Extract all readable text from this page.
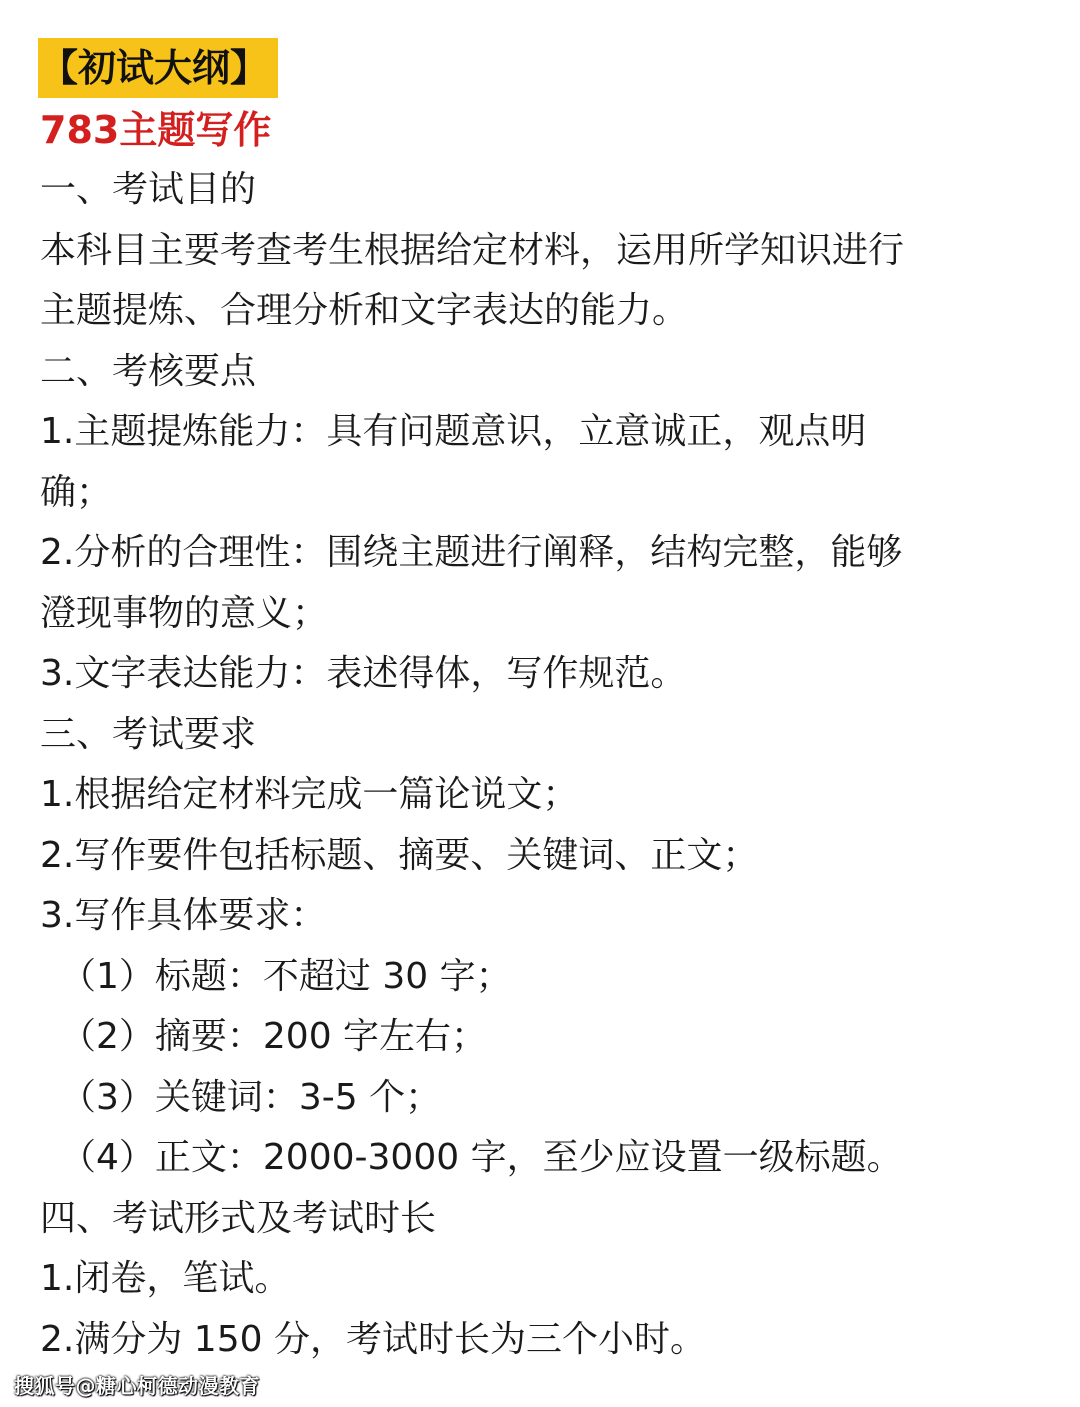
【初试大纲】
783主题写作
一、考试目的
本科目主要考查考生根据给定材料，运用所学知识进行
主题提炼、合理分析和文字表达的能力。
二、考核要点
1.主题提炼能力：具有问题意识，立意诚正，观点明
确；
2.分析的合理性：围绕主题进行阐释，结构完整，能够
澄现事物的意义；
3.文字表达能力：表述得体，写作规范。
三、考试要求
1.根据给定材料完成一篇论说文；
2.写作要件包括标题、摘要、关键词、正文；
3.写作具体要求：
（1）标题：不超过 30 字；
（2）摘要：200 字左右；
（3）关键词：3-5 个；
（4）正文：2000-3000 字，至少应设置一级标题。
四、考试形式及考试时长
1.闭卷，笔试。
2.满分为 150 分，考试时长为三个小时。
搜狐号@糖心柯德动漫教育
